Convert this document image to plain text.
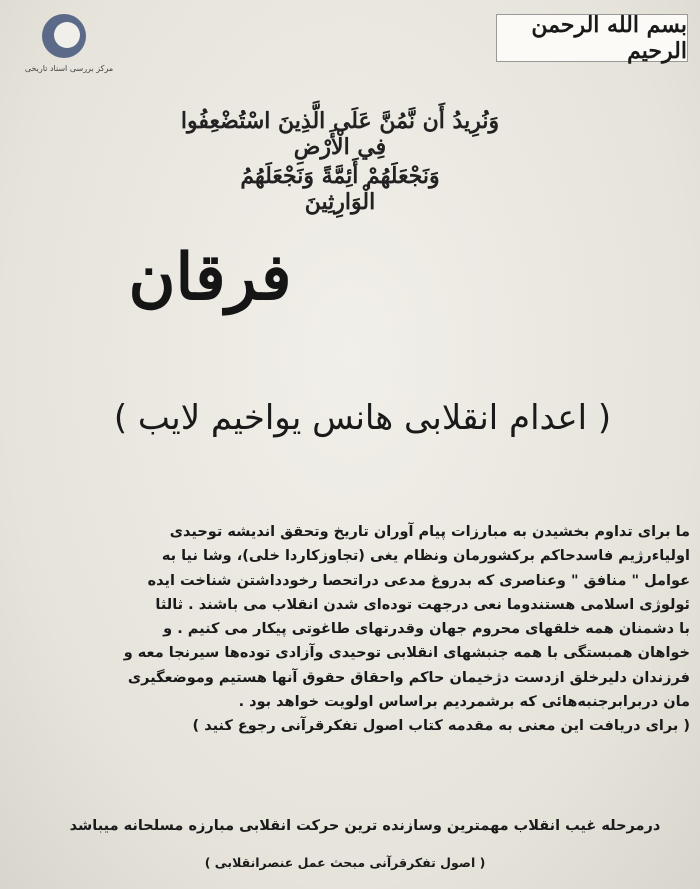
مرکز بررسی اسناد تاریخی
بسم الله الرحمن الرحیم
وَنُرِيدُ أَن نَّمُنَّ عَلَى الَّذِينَ اسْتُضْعِفُوا فِي الْأَرْضِ
وَنَجْعَلَهُمْ أَئِمَّةً وَنَجْعَلَهُمُ الْوَارِثِينَ
فرقان
( اعدام انقلابی هانس یواخیم لایب )
ما برای تداوم بخشیدن به مبارزات پیام آوران تاریخ وتحقق اندیشه توحیدی
اولیاءرژیم فاسدحاکم برکشورمان ونظام یغی (تجاوزکاردا خلی)، وشا نیا به
عوامل " منافق " وعناصری که بدروغ مدعی دراتحصا رخودداشتن شناخت ایده
ئولوژی اسلامی هستندوما نعی درجهت توده‌ای شدن انقلاب می باشند . ثالثا
با دشمنان همه خلقهای محروم جهان وقدرتهای طاغوتی پیکار می کنیم . و
خواهان همبستگی با همه جنبشهای انقلابی توحیدی وآزادی توده‌ها سیرنجا معه و
فرزندان دلیرخلق ازدست دژخیمان حاکم واحقاق حقوق آنها هستیم وموضعگیری
مان دربرابرجنبه‌هائی که برشمردیم براساس اولویت خواهد بود .
( برای دریافت این معنی به مقدمه کتاب اصول تفکرقرآنی رجوع کنید )
درمرحله غیب انقلاب مهمترین وسازنده ترین حرکت انقلابی مبارزه مسلحانه میباشد
( اصول تفکرقرآنی مبحث عمل عنصرانقلابی )
